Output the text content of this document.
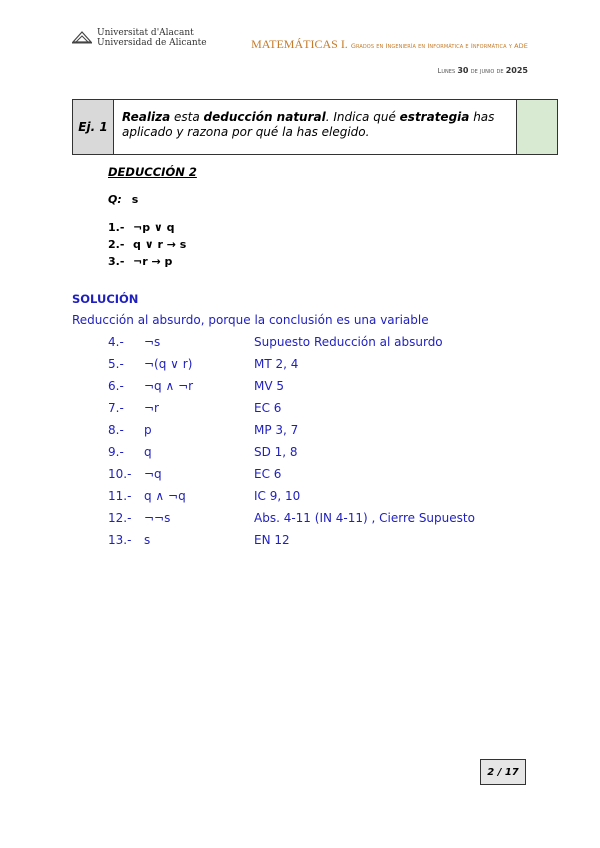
Universitat d'Alacant
Universidad de Alicante	MATEMÁTICAS I. Grados en Ingeniería en Informática e Informática y ADE
Lunes 30 de junio de 2025
Ej. 1
Realiza esta deducción natural. Indica qué estrategia has aplicado y razona por qué la has elegido.
DEDUCCIÓN 2
Q: s
1.- ¬p ∨ q
2.- q ∨ r → s
3.- ¬r → p
SOLUCIÓN
Reducción al absurdo, porque la conclusión es una variable
4.- ¬s	Supuesto Reducción al absurdo
5.- ¬(q ∨ r)	MT 2, 4
6.- ¬q ∧ ¬r	MV 5
7.- ¬r	EC 6
8.- p	MP 3, 7
9.- q	SD 1, 8
10.- ¬q	EC 6
11.- q ∧ ¬q	IC 9, 10
12.- ¬¬s	Abs. 4-11 (IN 4-11) , Cierre Supuesto
13.- s	EN 12
2 / 17
